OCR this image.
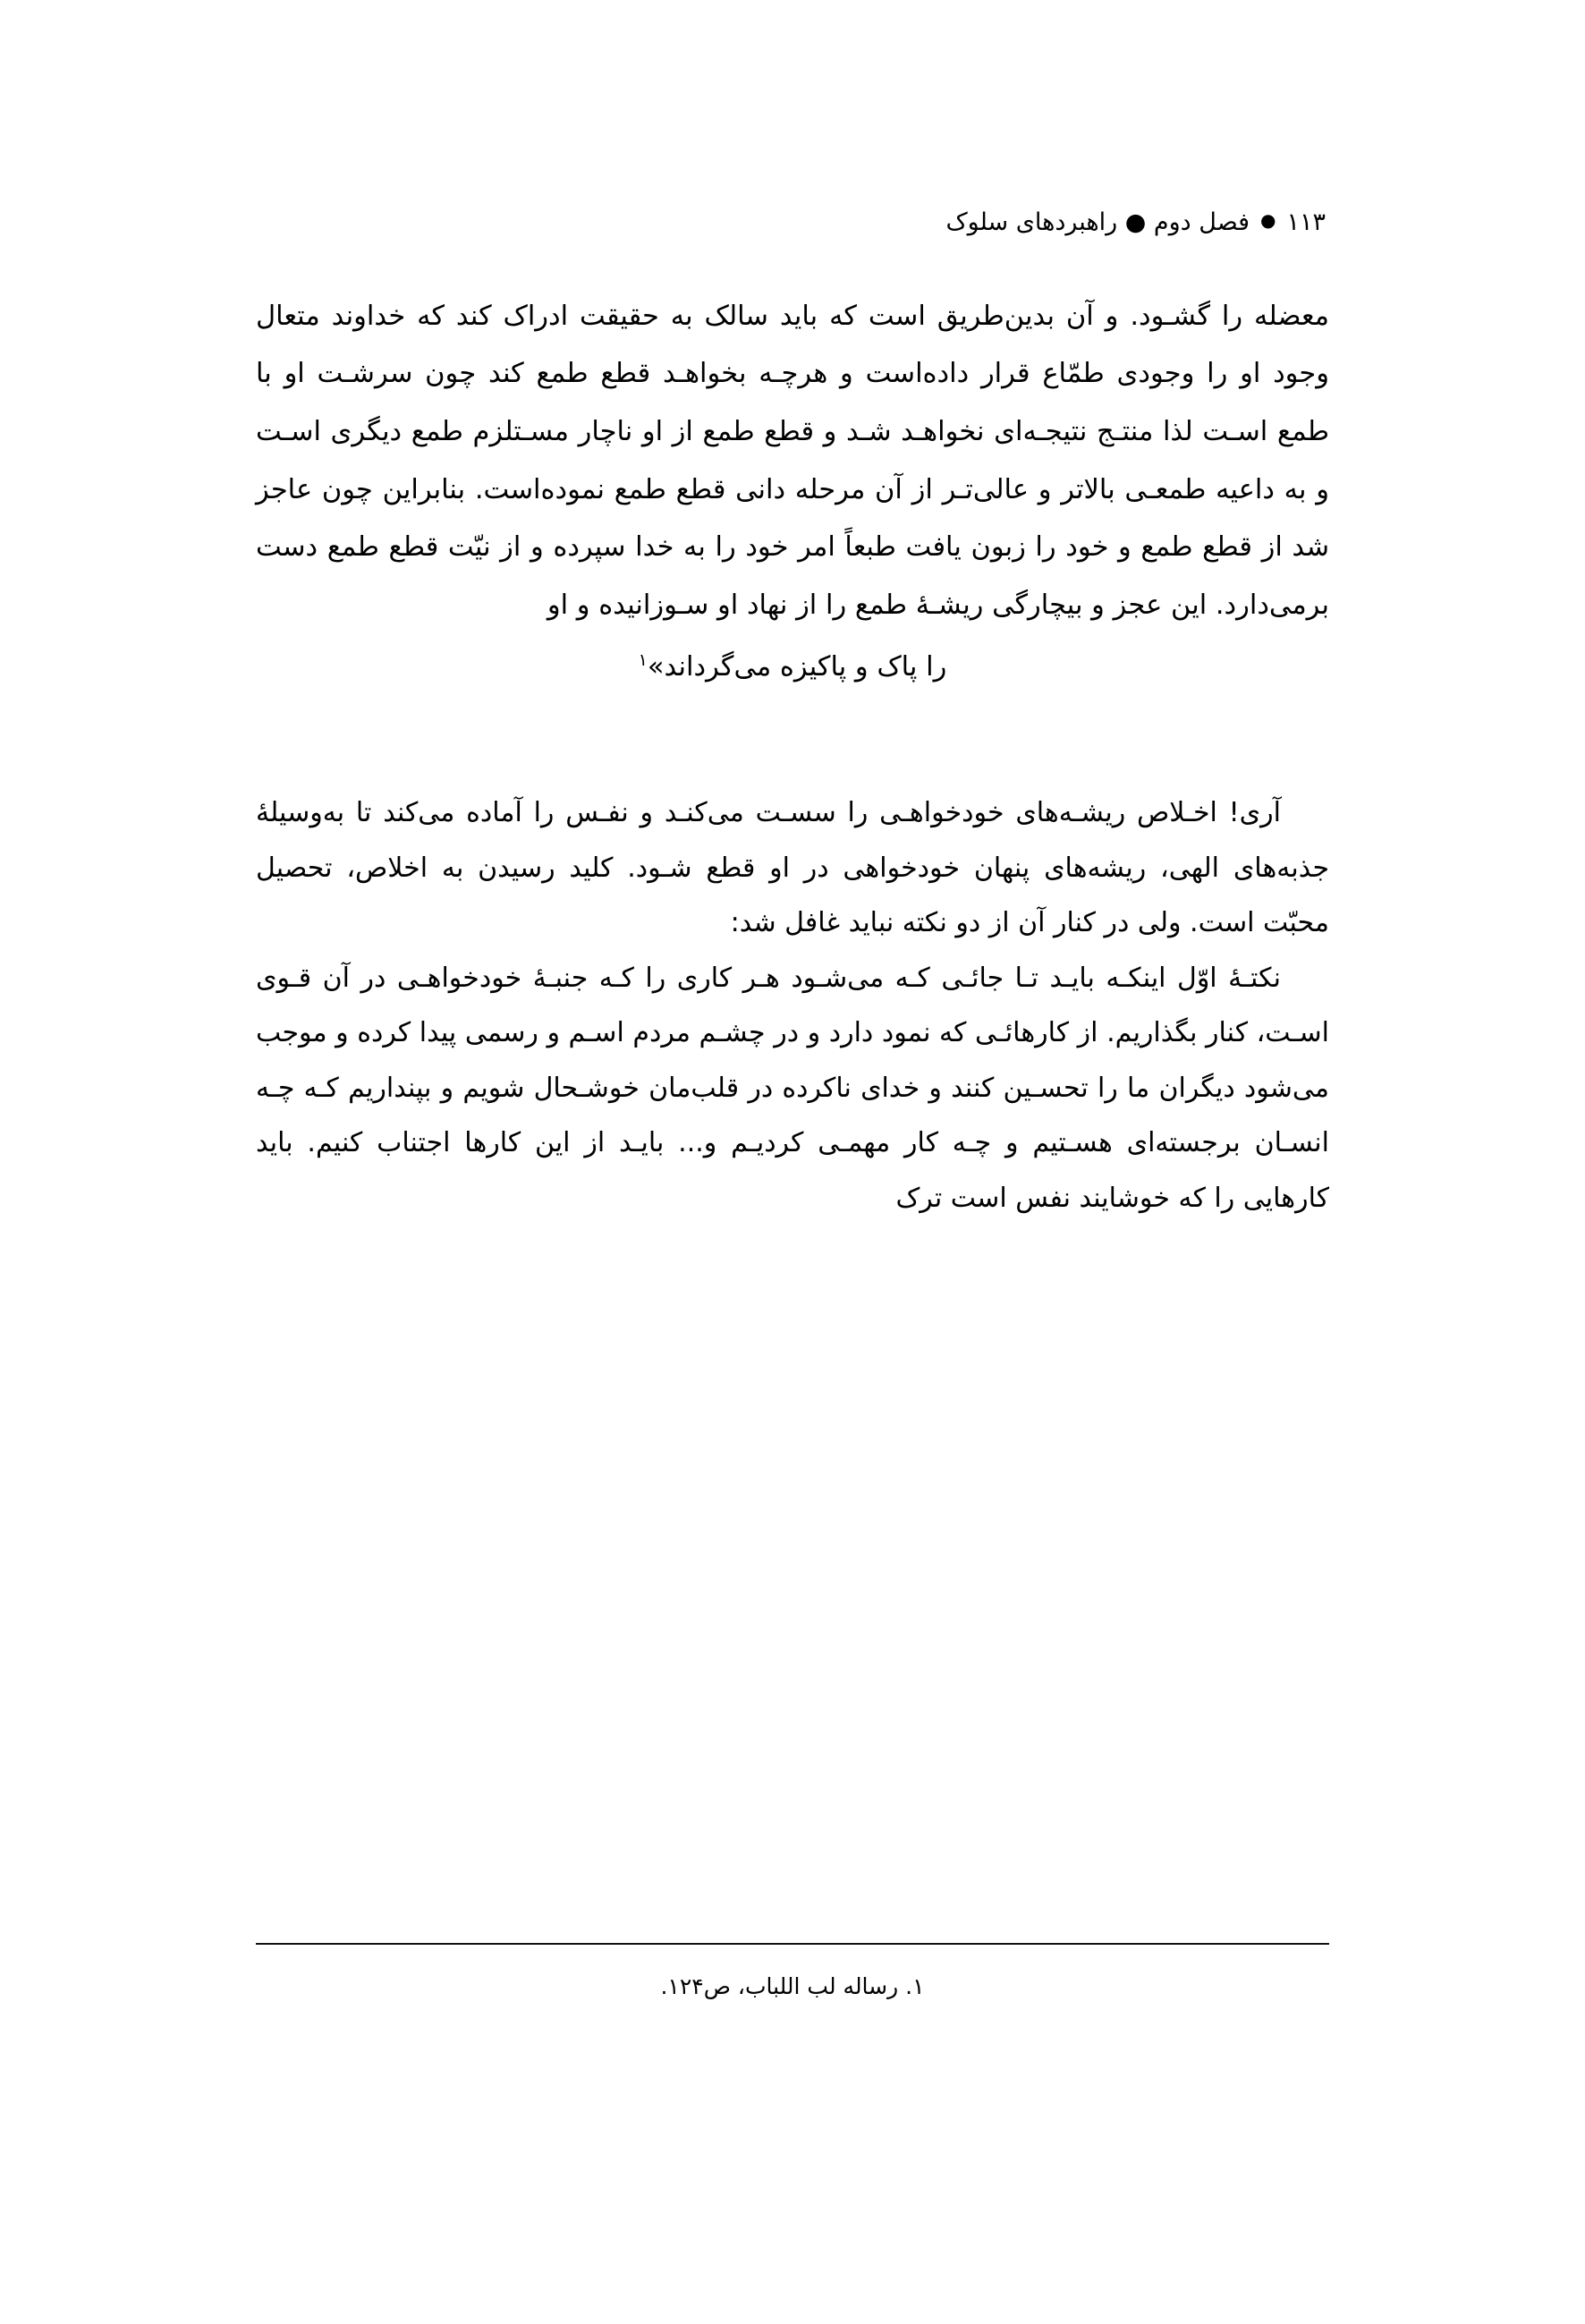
۱۱۳
●
فصل دوم ● راهبردهای سلوک

معضله را گشـود. و آن بدین‌طریق است که باید سالک به حقیقت ادراک کند که خداوند متعال وجود او را وجودی طمّاع قرار داده‌است و هرچـه بخواهـد قطع طمع کند چون سرشـت او با طمع اسـت لذا منتـج نتیجـه‌ای نخواهـد شـد و قطع طمع از او ناچار مسـتلزم طمع دیگری اسـت و به داعیه طمعـی بالاتر و عالی‌تـر از آن مرحله دانی قطع طمع نموده‌است. بنابراین چون عاجز شد از قطع طمع و خود را زبون یافت طبعاً امر خود را به خدا سپرده و از نیّت قطع طمع دست برمی‌دارد. این عجز و بیچارگی ریشـهٔ طمع را از نهاد او سـوزانیده و او
را پاک و پاکیزه می‌گرداند»$^۱$

آری! اخـلاص ریشـه‌های خودخواهـی را سسـت می‌کنـد و نفـس را آماده می‌کند تا به‌وسیلهٔ جذبه‌های الهی، ریشه‌های پنهان خودخواهی در او قطع شـود. کلید رسیدن به اخلاص، تحصیل محبّت است. ولی در کنار آن از دو نکته نباید غافل شد:

نکتـهٔ اوّل اینکـه بایـد تـا جائـی کـه می‌شـود هـر کاری را کـه جنبـهٔ خودخواهـی در آن قـوی اسـت، کنار بگذاریم. از کارهائـی که نمود دارد و در چشـم مردم اسـم و رسمی پیدا کرده و موجب می‌شود دیگران ما را تحسـین کنند و خدای ناکرده در قلب‌مان خوشـحال شویم و بپنداریم کـه چـه انسـان برجسته‌ای هسـتیم و چـه کار مهمـی کردیـم و... بایـد از این کارها اجتناب کنیم. باید کارهایی را که خوشایند نفس است ترک

۱. رساله لب اللباب، ص۱۲۴.
